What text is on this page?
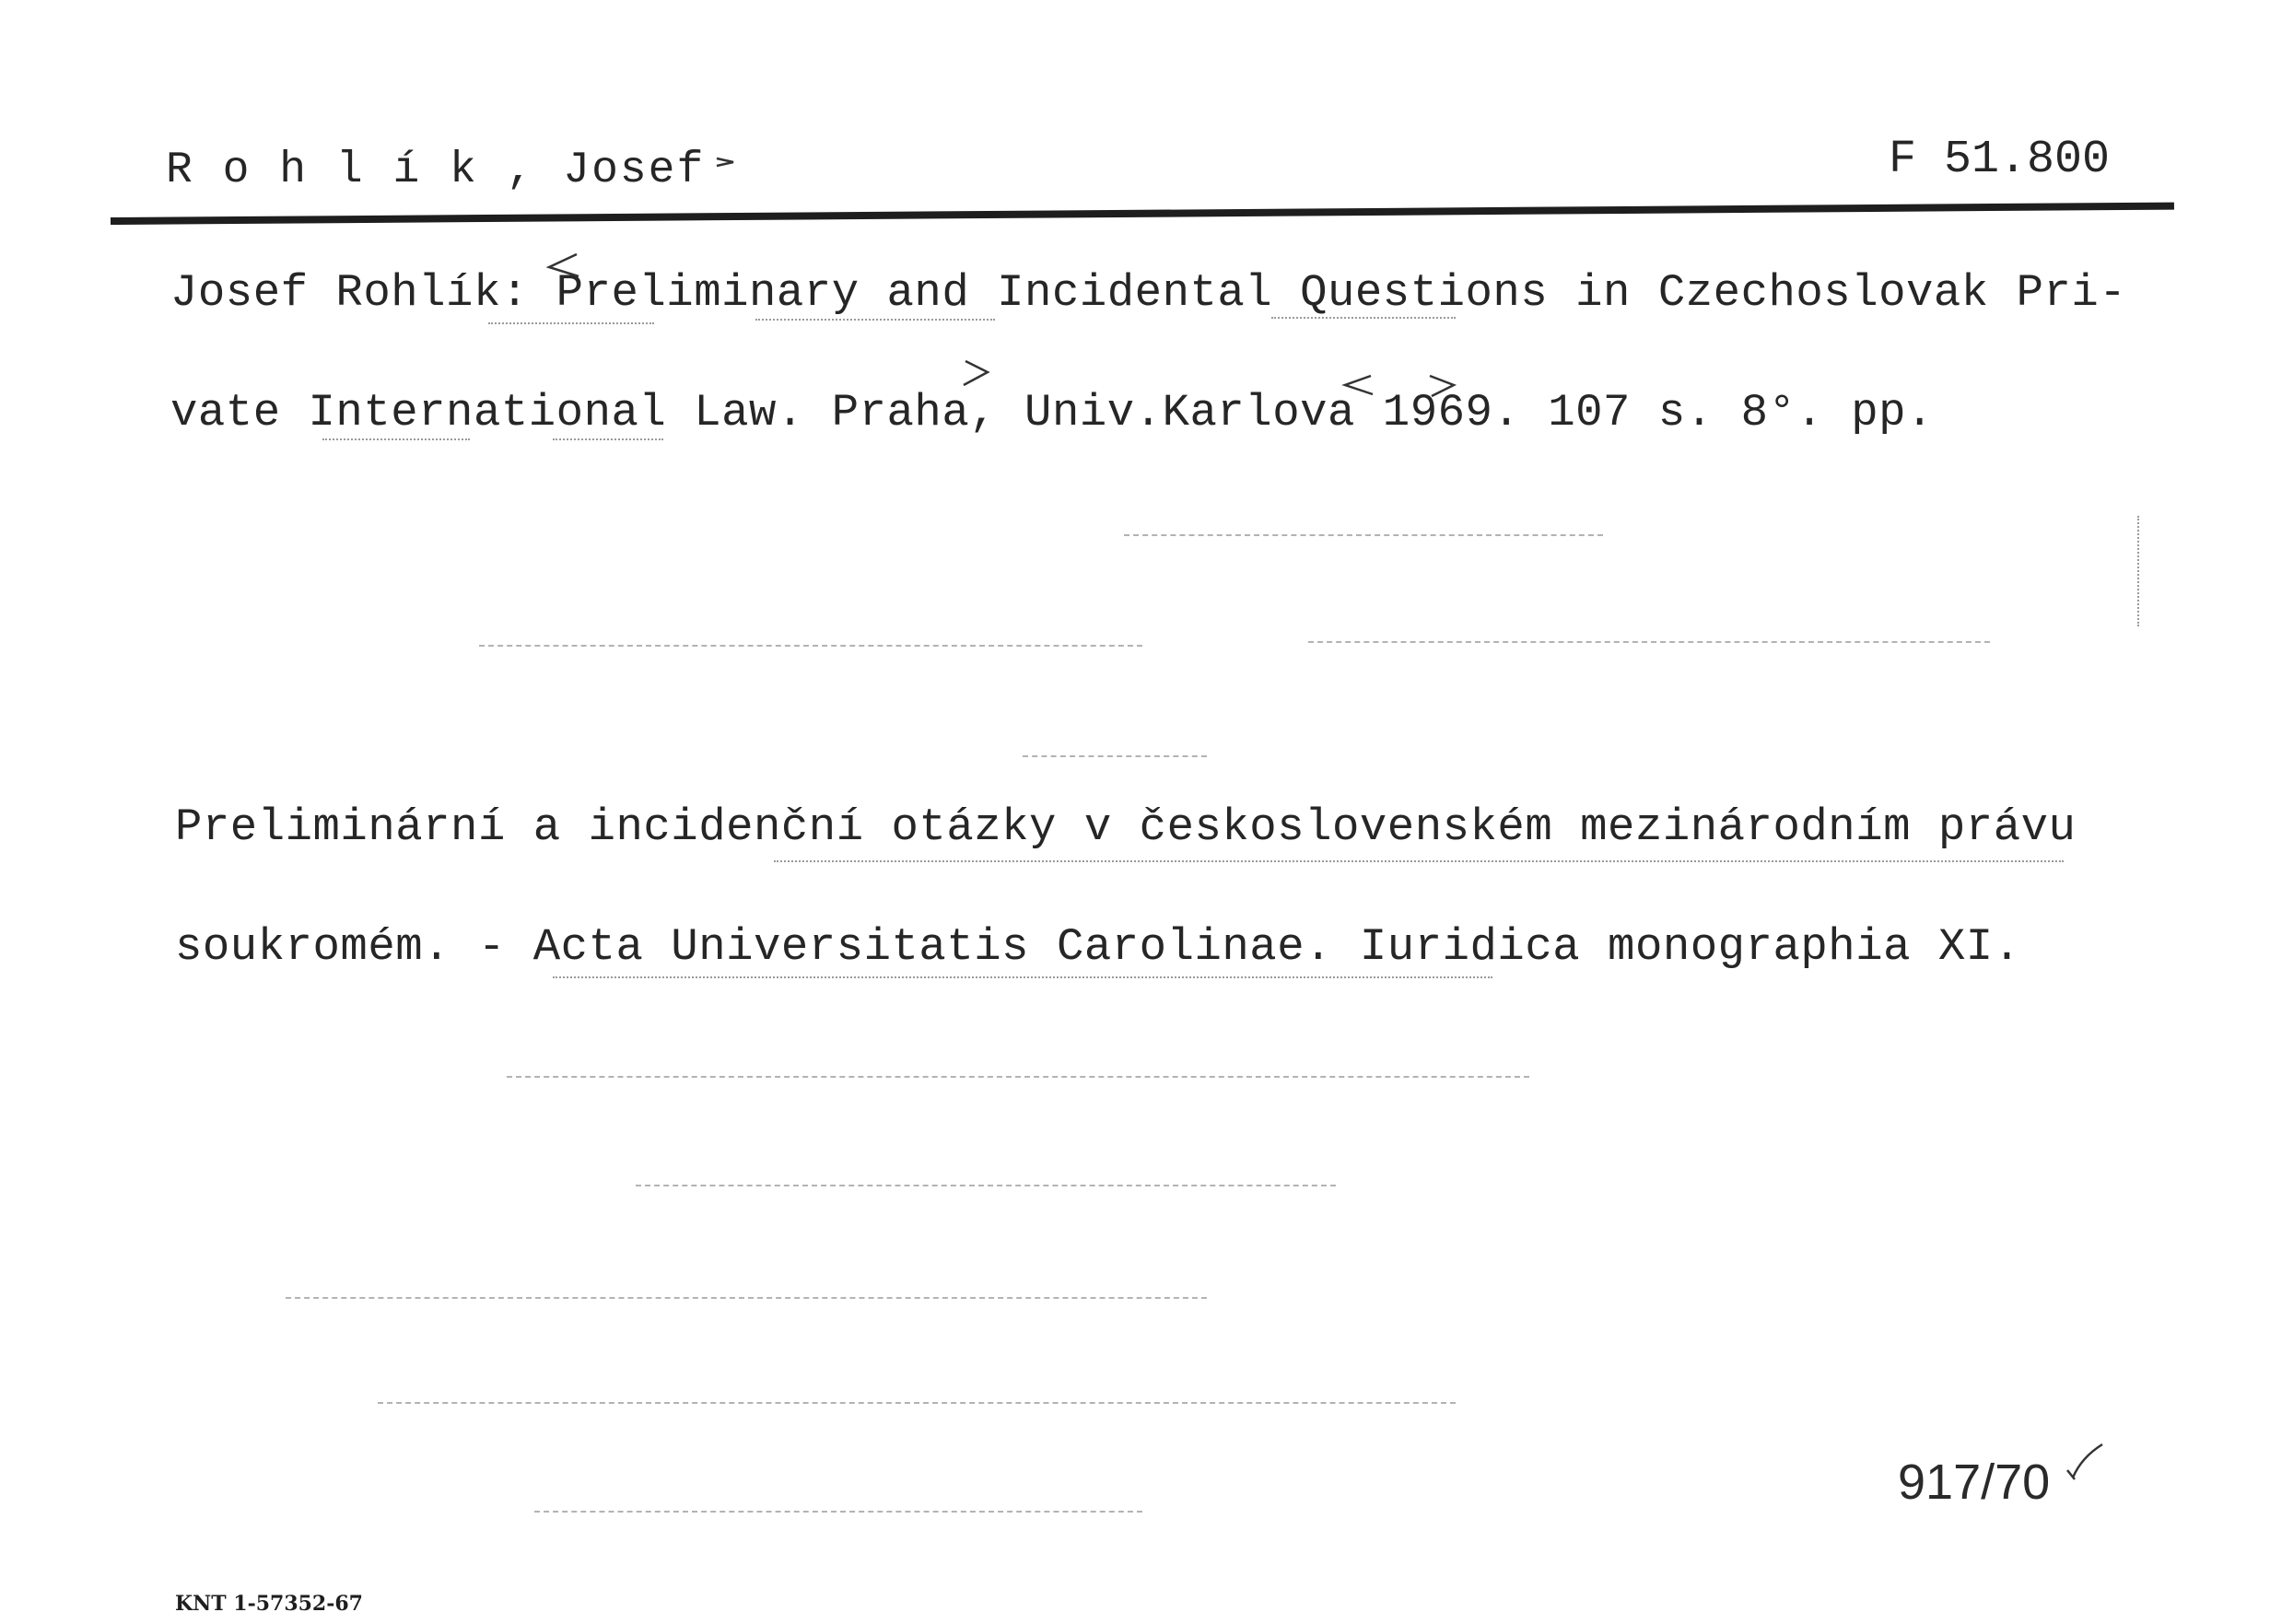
R o h l í k , Josef	F 51.800
Josef Rohlík: Preliminary and Incidental Questions in Czechoslovak Pri-
vate International Law. Praha, Univ.Karlova 1969. 107 s. 8°. pp.
Preliminární a incidenční otázky v československém mezinárodním právu
soukromém. - Acta Universitatis Carolinae. Iuridica monographia XI.
917/70
KNT 1-57352-67
